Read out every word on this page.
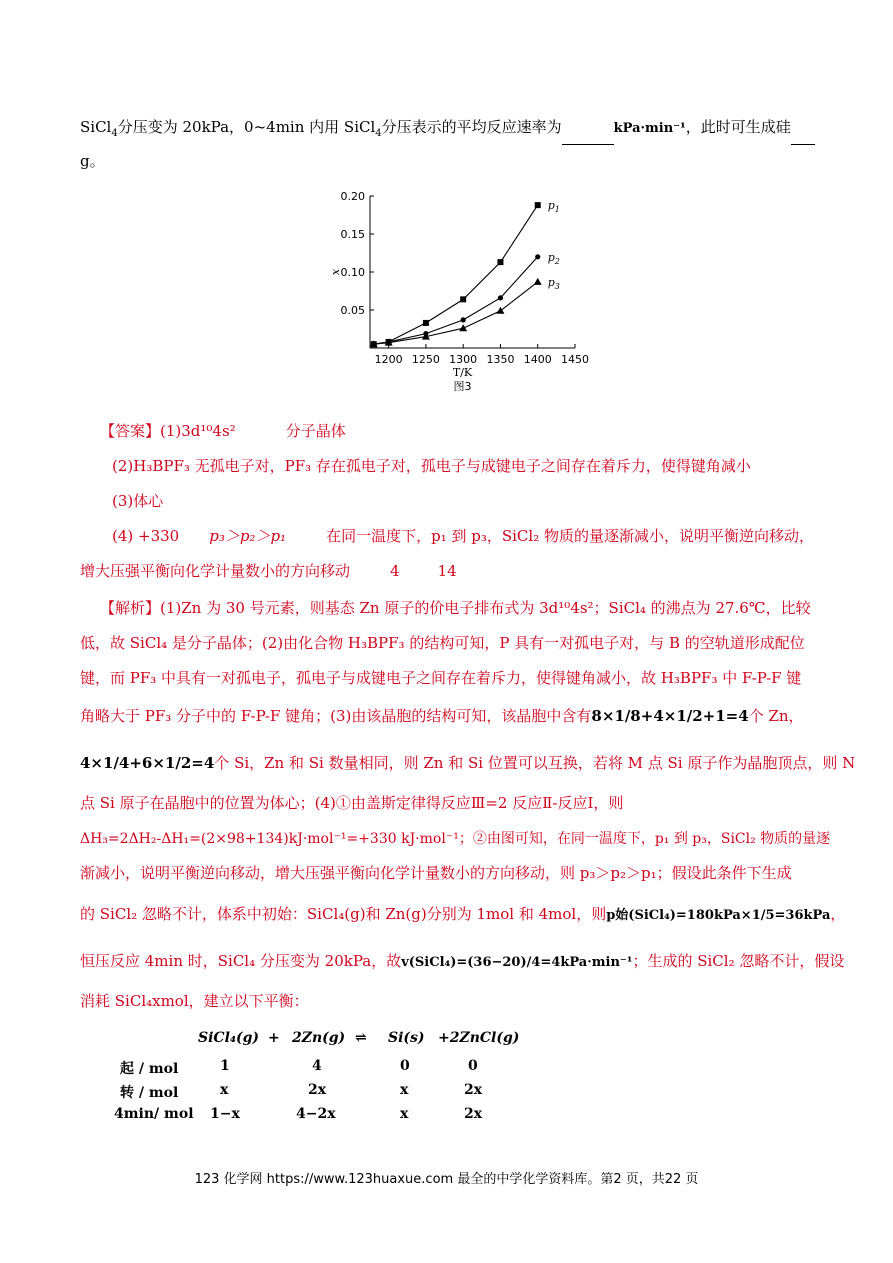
SiCl$_4$分压变为 20kPa，0~4min 内用 SiCl$_4$分压表示的平均反应速率为	kPa·min⁻¹，此时可生成硅
g。
1200 1250 1300 1350 1400 1450
0.05
0.10
0.15
0.20
x
T/K
图3
$p_1$
$p_2$
$p_3$
【答案】(1)3d¹⁰4s²	分子晶体
(2)H₃BPF₃ 无孤电子对，PF₃ 存在孤电子对，孤电子与成键电子之间存在着斥力，使得键角减小
(3)体心
(4) +330 p₃＞p₂＞p₁	在同一温度下，p₁ 到 p₃，SiCl₂ 物质的量逐渐减小，说明平衡逆向移动，
增大压强平衡向化学计量数小的方向移动	4	14
【解析】(1)Zn 为 30 号元素，则基态 Zn 原子的价电子排布式为 3d¹⁰4s²；SiCl₄ 的沸点为 27.6℃，比较
低，故 SiCl₄ 是分子晶体；(2)由化合物 H₃BPF₃ 的结构可知，P 具有一对孤电子对，与 B 的空轨道形成配位
键，而 PF₃ 中具有一对孤电子，孤电子与成键电子之间存在着斥力，使得键角减小，故 H₃BPF₃ 中 F-P-F 键
角略大于 PF₃ 分子中的 F-P-F 键角；(3)由该晶胞的结构可知，该晶胞中含有8×1/8+4×1/2+1=4个 Zn，
4×1/4+6×1/2=4个 Si，Zn 和 Si 数量相同，则 Zn 和 Si 位置可以互换，若将 M 点 Si 原子作为晶胞顶点，则 N
点 Si 原子在晶胞中的位置为体心；(4)①由盖斯定律得反应Ⅲ=2 反应Ⅱ-反应Ⅰ，则
ΔH₃=2ΔH₂-ΔH₁=(2×98+134)kJ·mol⁻¹=+330 kJ·mol⁻¹；②由图可知，在同一温度下，p₁ 到 p₃，SiCl₂ 物质的量逐
渐减小，说明平衡逆向移动，增大压强平衡向化学计量数小的方向移动，则 p₃＞p₂＞p₁；假设此条件下生成
的 SiCl₂ 忽略不计，体系中初始：SiCl₄(g)和 Zn(g)分别为 1mol 和 4mol，则p始(SiCl₄)=180kPa×1/5=36kPa，
恒压反应 4min 时，SiCl₄ 分压变为 20kPa，故v(SiCl₄)=(36−20)/4=4kPa·min⁻¹；生成的 SiCl₂ 忽略不计，假设
消耗 SiCl₄xmol，建立以下平衡：
SiCl₄(g) + 2Zn(g) ⇌ Si(s) +2ZnCl(g)
起 / mol	1	4	0	0
转 / mol	x	2x	x	2x
4min/ mol 1−x	4−2x	x	2x
123 化学网 https://www.123huaxue.com 最全的中学化学资料库。第2 页，共22 页
